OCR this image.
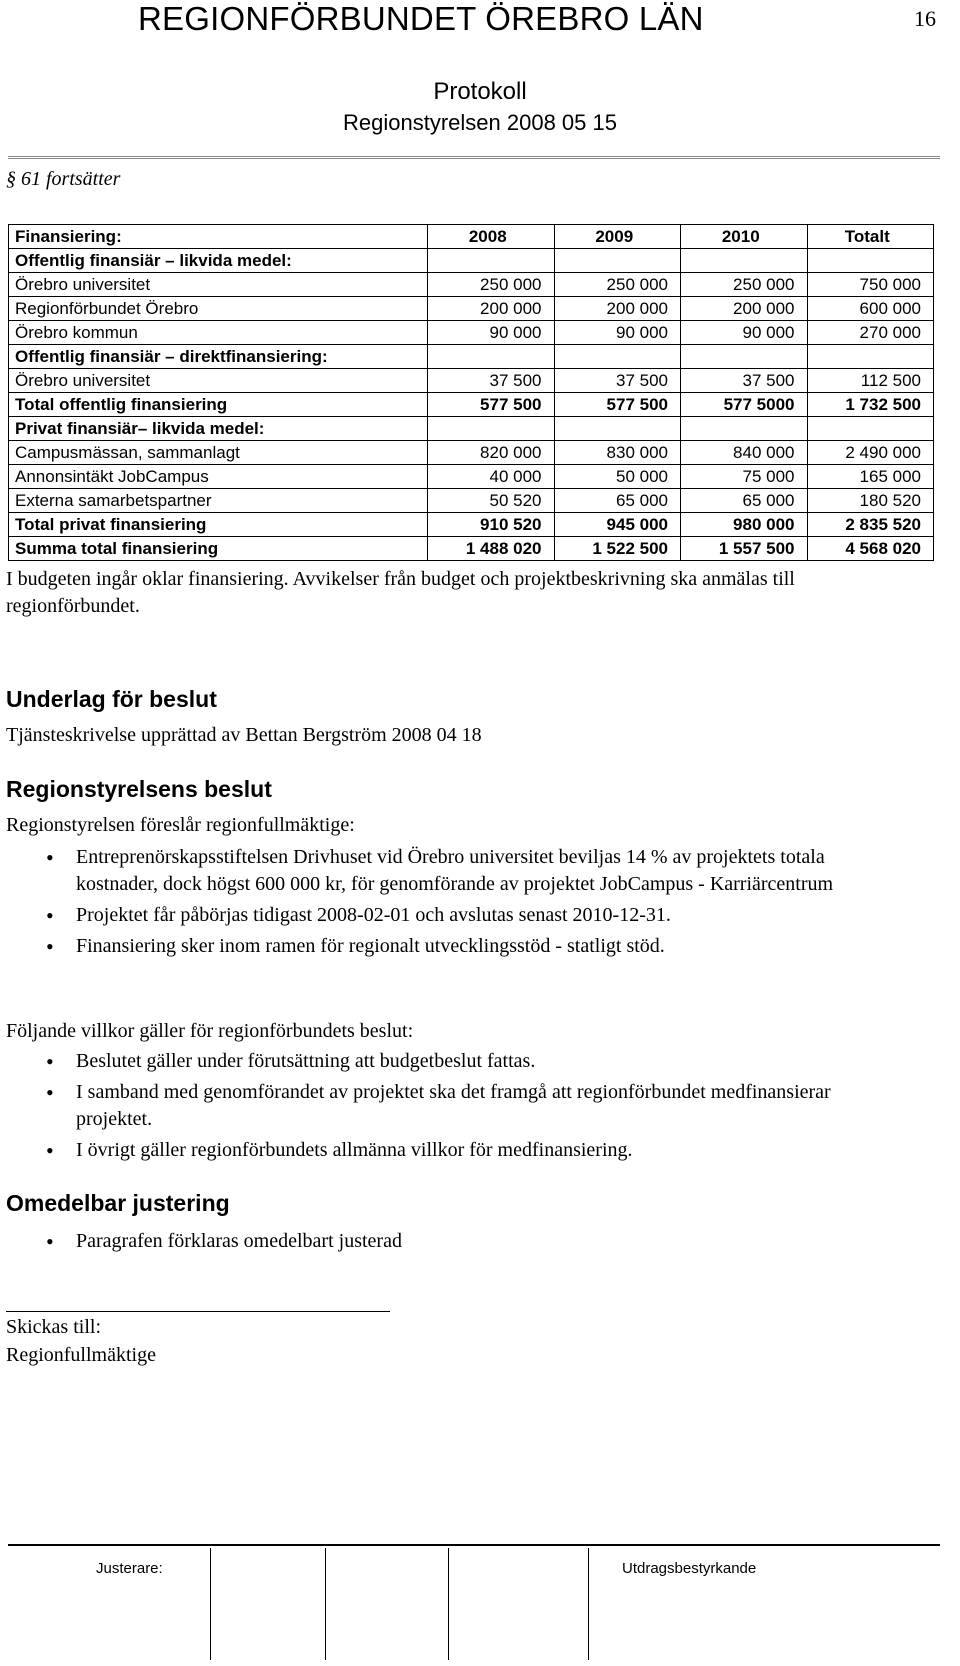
REGIONFÖRBUNDET ÖREBRO LÄN	16
Protokoll
Regionstyrelsen 2008 05 15
§ 61 fortsätter
Finansiering:	2008	2009	2010	Totalt
Offentlig finansiär – likvida medel:				
Örebro universitet	250 000	250 000	250 000	750 000
Regionförbundet Örebro	200 000	200 000	200 000	600 000
Örebro kommun	90 000	90 000	90 000	270 000
Offentlig finansiär – direktfinansiering:				
Örebro universitet	37 500	37 500	37 500	112 500
Total offentlig finansiering	577 500	577 500	577 5000	1 732 500
Privat finansiär– likvida medel:				
Campusmässan, sammanlagt	820 000	830 000	840 000	2 490 000
Annonsintäkt JobCampus	40 000	50 000	75 000	165 000
Externa samarbetspartner	50 520	65 000	65 000	180 520
Total privat finansiering	910 520	945 000	980 000	2 835 520
Summa total finansiering	1 488 020	1 522 500	1 557 500	4 568 020
I budgeten ingår oklar finansiering. Avvikelser från budget och projektbeskrivning ska anmälas till regionförbundet.
Underlag för beslut
Tjänsteskrivelse upprättad av Bettan Bergström 2008 04 18
Regionstyrelsens beslut
Regionstyrelsen föreslår regionfullmäktige:
• Entreprenörskapsstiftelsen Drivhuset vid Örebro universitet beviljas 14 % av projektets totala kostnader, dock högst 600 000 kr, för genomförande av projektet JobCampus - Karriärcentrum
• Projektet får påbörjas tidigast 2008-02-01 och avslutas senast 2010-12-31.
• Finansiering sker inom ramen för regionalt utvecklingsstöd - statligt stöd.
Följande villkor gäller för regionförbundets beslut:
• Beslutet gäller under förutsättning att budgetbeslut fattas.
• I samband med genomförandet av projektet ska det framgå att regionförbundet medfinansierar projektet.
• I övrigt gäller regionförbundets allmänna villkor för medfinansiering.
Omedelbar justering
• Paragrafen förklaras omedelbart justerad
Skickas till:
Regionfullmäktige
Justerare:	Utdragsbestyrkande
